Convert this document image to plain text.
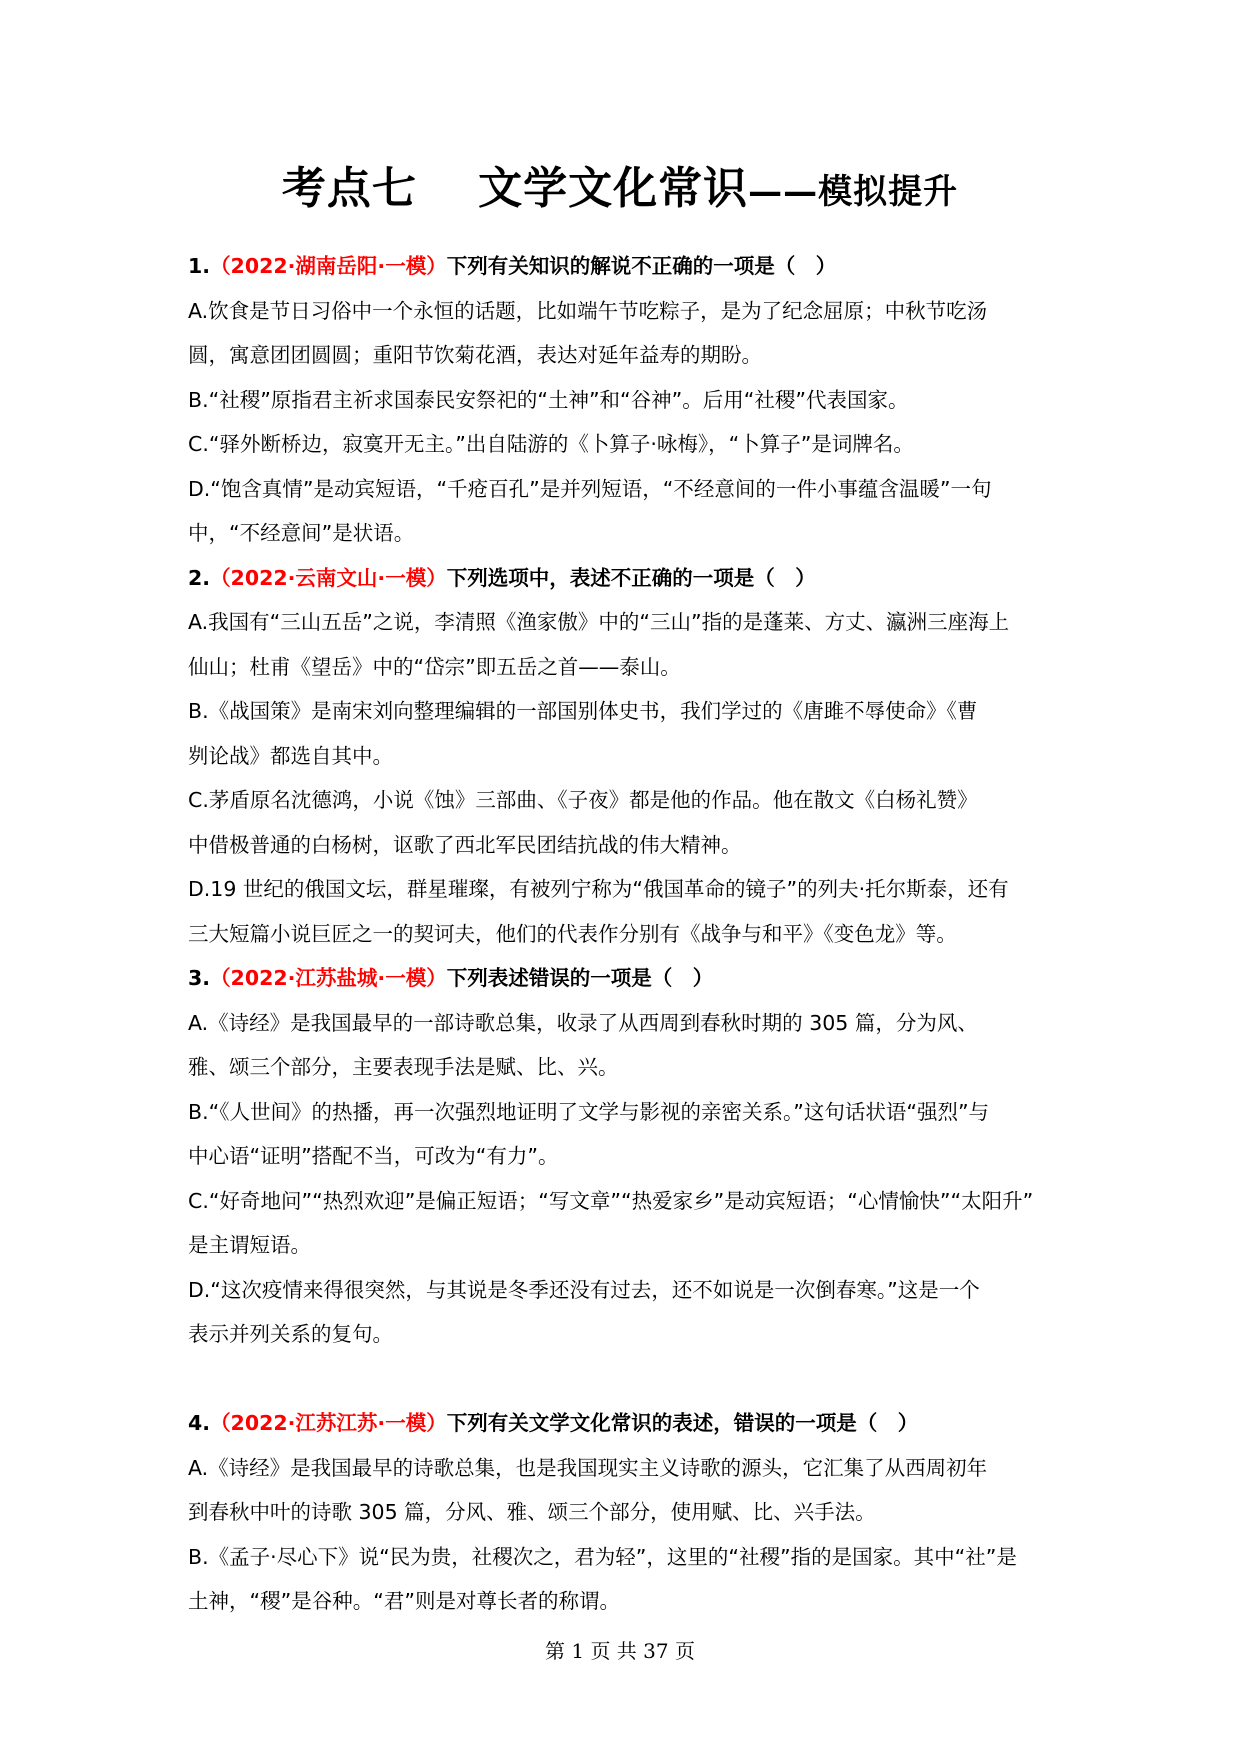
考点七　 文学文化常识——模拟提升
1.（2022·湖南岳阳·一模）下列有关知识的解说不正确的一项是（　）
A.饮食是节日习俗中一个永恒的话题，比如端午节吃粽子，是为了纪念屈原；中秋节吃汤
圆，寓意团团圆圆；重阳节饮菊花酒，表达对延年益寿的期盼。
B.“社稷”原指君主祈求国泰民安祭祀的“土神”和“谷神”。后用“社稷”代表国家。
C.“驿外断桥边，寂寞开无主。”出自陆游的《卜算子·咏梅》，“卜算子”是词牌名。
D.“饱含真情”是动宾短语，“千疮百孔”是并列短语，“不经意间的一件小事蕴含温暖”一句
中，“不经意间”是状语。
2.（2022·云南文山·一模）下列选项中，表述不正确的一项是（　）
A.我国有“三山五岳”之说，李清照《渔家傲》中的“三山”指的是蓬莱、方丈、瀛洲三座海上
仙山；杜甫《望岳》中的“岱宗”即五岳之首——泰山。
B.《战国策》是南宋刘向整理编辑的一部国别体史书，我们学过的《唐雎不辱使命》《曹
刿论战》都选自其中。
C.茅盾原名沈德鸿，小说《蚀》三部曲、《子夜》都是他的作品。他在散文《白杨礼赞》
中借极普通的白杨树，讴歌了西北军民团结抗战的伟大精神。
D.19 世纪的俄国文坛，群星璀璨，有被列宁称为“俄国革命的镜子”的列夫·托尔斯泰，还有
三大短篇小说巨匠之一的契诃夫，他们的代表作分别有《战争与和平》《变色龙》等。
3.（2022·江苏盐城·一模）下列表述错误的一项是（　）
A.《诗经》是我国最早的一部诗歌总集，收录了从西周到春秋时期的 305 篇，分为风、
雅、颂三个部分，主要表现手法是赋、比、兴。
B.“《人世间》的热播，再一次强烈地证明了文学与影视的亲密关系。”这句话状语“强烈”与
中心语“证明”搭配不当，可改为“有力”。
C.“好奇地问”“热烈欢迎”是偏正短语；“写文章”“热爱家乡”是动宾短语；“心情愉快”“太阳升”
是主谓短语。
D.“这次疫情来得很突然，与其说是冬季还没有过去，还不如说是一次倒春寒。”这是一个
表示并列关系的复句。
4.（2022·江苏江苏·一模）下列有关文学文化常识的表述，错误的一项是（　）
A.《诗经》是我国最早的诗歌总集，也是我国现实主义诗歌的源头，它汇集了从西周初年
到春秋中叶的诗歌 305 篇，分风、雅、颂三个部分，使用赋、比、兴手法。
B.《孟子·尽心下》说“民为贵，社稷次之，君为轻”，这里的“社稷”指的是国家。其中“社”是
土神，“稷”是谷种。“君”则是对尊长者的称谓。
第 1 页 共 37 页
